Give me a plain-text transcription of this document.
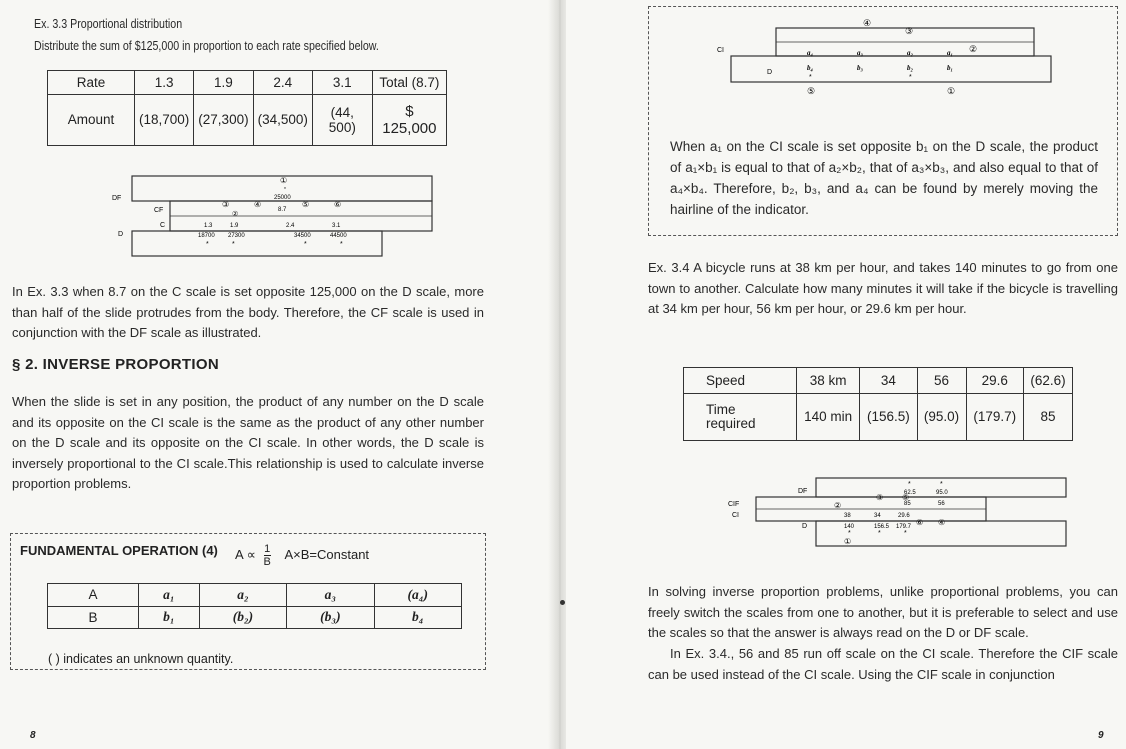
Ex. 3.3 Proportional distribution
Distribute the sum of $125,000 in proportion to each rate specified below.
Rate	1.3	1.9	2.4	3.1	Total (8.7)
Amount	(18,700)	(27,300)	(34,500)	(44, 500)	$ 125,000
DF
CF
C
D
①
*
25000
③	④	⑤	⑥
8.7
②
1.3	1.9	2.4	3.1
18700 27300	34500	44500
*	*	*	*
In Ex. 3.3 when 8.7 on the C scale is set opposite 125,000 on the D scale, more than half of the slide protrudes from the body. Therefore, the CF scale is used in conjunction with the DF scale as illustrated.
§ 2. INVERSE PROPORTION
When the slide is set in any position, the product of any number on the D scale and its opposite on the CI scale is the same as the product of any other number on the D scale and its opposite on the CI scale. In other words, the D scale is inversely proportional to the CI scale.This relationship is used to calculate inverse proportion problems.
FUNDAMENTAL OPERATION (4) $A \propto \frac{1}{B}$ A×B=Constant
A	a₁	a₂	a₃	(a₄)
B	b₁	(b₂)	(b₃)	b₄
( ) indicates an unknown quantity.
8
CI
D
④
③
②
a₄	a₃	a₂	a₁
b₄	b₃	b₂	b₁
*	*
⑤	①
When a₁ on the CI scale is set opposite b₁ on the D scale, the product of a₁×b₁ is equal to that of a₂×b₂, that of a₃×b₃, and also equal to that of a₄×b₄. Therefore, b₂, b₃, and a₄ can be found by merely moving the hairline of the indicator.
Ex. 3.4 A bicycle runs at 38 km per hour, and takes 140 minutes to go from one town to another. Calculate how many minutes it will take if the bicycle is travelling at 34 km per hour, 56 km per hour, or 29.6 km per hour.
Speed	38 km	34	56	29.6	(62.6)
Time
required	140 min	(156.5)	(95.0)	(179.7)	85
DF
CIF
CI
D
*	*
62.5	95.0
③ ⑤
85	56
②
38	34	29.6
⑥ ④
140	156.5 179.7
*	*	*
①
In solving inverse proportion problems, unlike proportional problems, you can freely switch the scales from one to another, but it is preferable to select and use the scales so that the answer is always read on the D or DF scale.
In Ex. 3.4., 56 and 85 run off scale on the CI scale. Therefore the CIF scale can be used instead of the CI scale. Using the CIF scale in conjunction
9
